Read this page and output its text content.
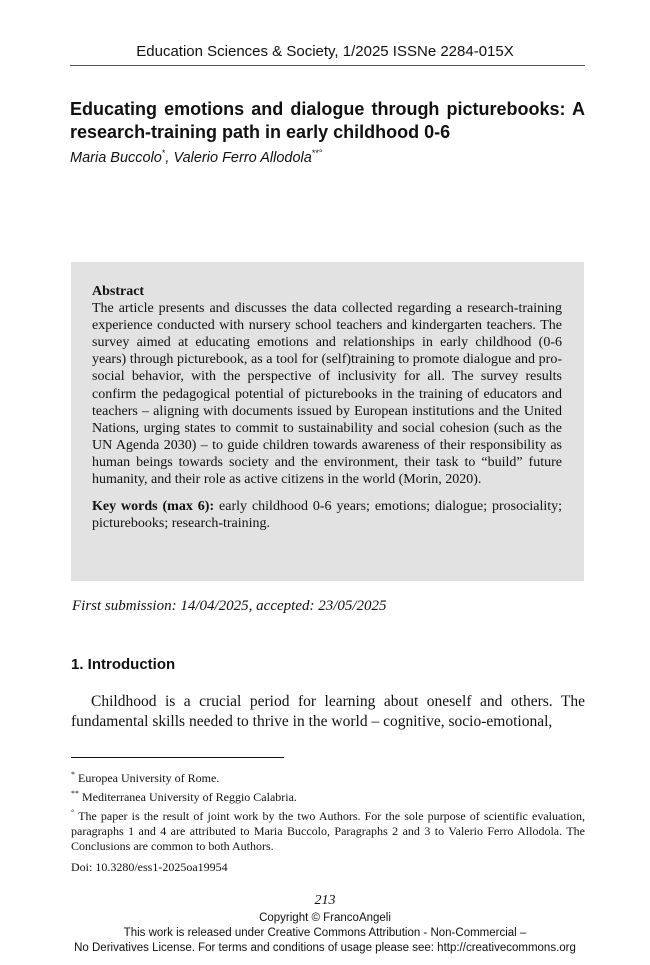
Education Sciences & Society, 1/2025 ISSNe 2284-015X
Educating emotions and dialogue through picturebooks: A research-training path in early childhood 0-6
Maria Buccolo*, Valerio Ferro Allodola**°
Abstract
The article presents and discusses the data collected regarding a research-training experience conducted with nursery school teachers and kindergarten teachers. The survey aimed at educating emotions and relationships in early childhood (0-6 years) through picturebook, as a tool for (self)training to promote dialogue and pro-social behavior, with the perspective of inclusivity for all. The survey results confirm the pedagogical potential of picturebooks in the training of educators and teachers – aligning with documents issued by European institutions and the United Nations, urging states to commit to sustainability and social cohesion (such as the UN Agenda 2030) – to guide children towards awareness of their responsibility as human beings towards society and the environment, their task to “build” future humanity, and their role as active citizens in the world (Morin, 2020).
Key words (max 6): early childhood 0-6 years; emotions; dialogue; prosociality; picturebooks; research-training.
First submission: 14/04/2025, accepted: 23/05/2025
1. Introduction
Childhood is a crucial period for learning about oneself and others. The fundamental skills needed to thrive in the world – cognitive, socio-emotional,

* Europea University of Rome.

** Mediterranea University of Reggio Calabria.

° The paper is the result of joint work by the two Authors. For the sole purpose of scientific evaluation, paragraphs 1 and 4 are attributed to Maria Buccolo, Paragraphs 2 and 3 to Valerio Ferro Allodola. The Conclusions are common to both Authors.

Doi: 10.3280/ess1-2025oa19954
213
Copyright © FrancoAngeli
This work is released under Creative Commons Attribution - Non-Commercial –
No Derivatives License. For terms and conditions of usage please see: http://creativecommons.org
